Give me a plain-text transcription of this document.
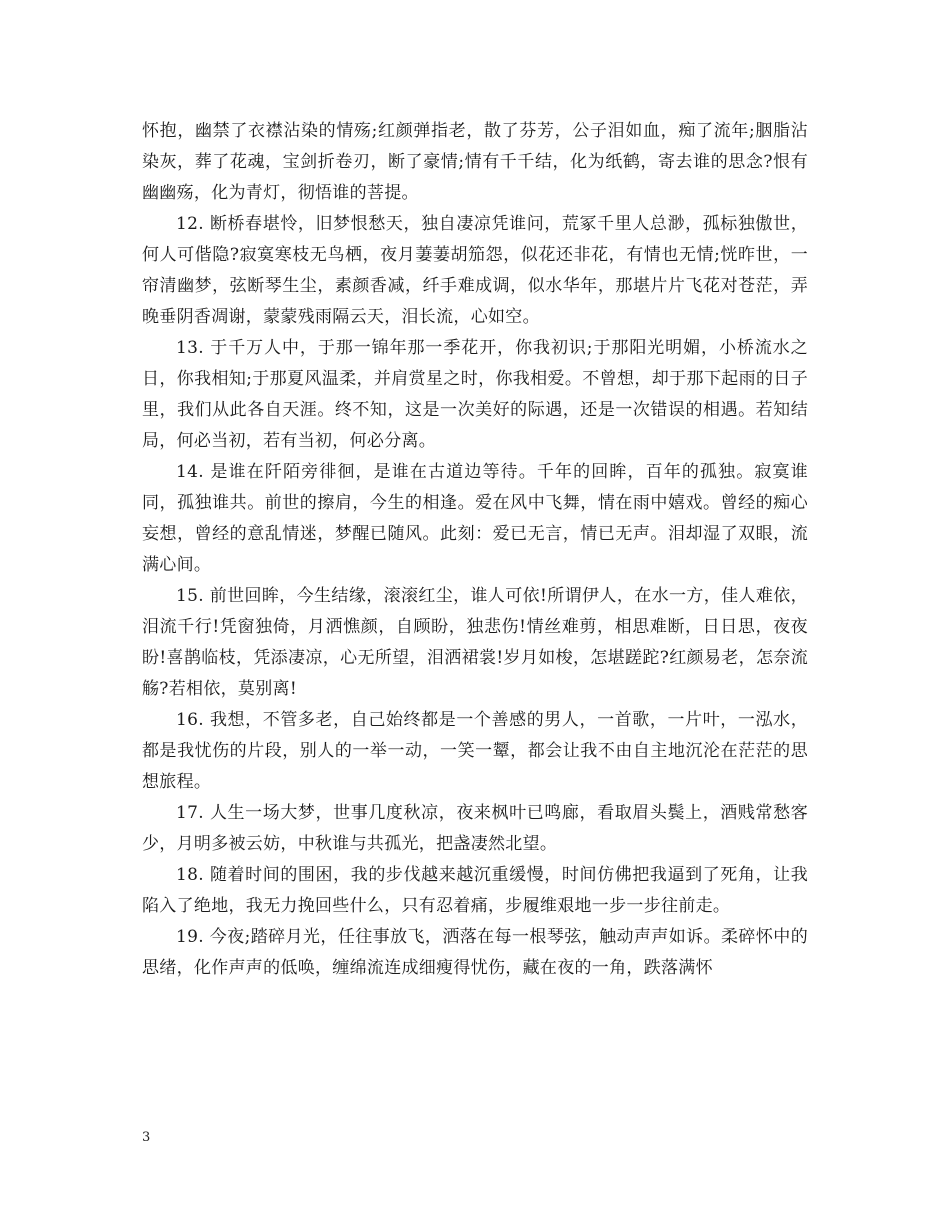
怀抱，幽禁了衣襟沾染的情殇;红颜弹指老，散了芬芳，公子泪如血，痴了流年;胭脂沾染灰，葬了花魂，宝剑折卷刃，断了豪情;情有千千结，化为纸鹤，寄去谁的思念?恨有幽幽殇，化为青灯，彻悟谁的菩提。

12. 断桥春堪怜，旧梦恨愁天，独自凄凉凭谁问，荒冢千里人总渺，孤标独傲世，何人可偕隐?寂寞寒枝无鸟栖，夜月萋萋胡笳怨，似花还非花，有情也无情;恍昨世，一帘清幽梦，弦断琴生尘，素颜香减，纤手难成调，似水华年，那堪片片飞花对苍茫，弄晚垂阴香凋谢，蒙蒙残雨隔云天，泪长流，心如空。

13. 于千万人中，于那一锦年那一季花开，你我初识;于那阳光明媚，小桥流水之日，你我相知;于那夏风温柔，并肩赏星之时，你我相爱。不曾想，却于那下起雨的日子里，我们从此各自天涯。终不知，这是一次美好的际遇，还是一次错误的相遇。若知结局，何必当初，若有当初，何必分离。

14. 是谁在阡陌旁徘徊，是谁在古道边等待。千年的回眸，百年的孤独。寂寞谁同，孤独谁共。前世的擦肩，今生的相逢。爱在风中飞舞，情在雨中嬉戏。曾经的痴心妄想，曾经的意乱情迷，梦醒已随风。此刻：爱已无言，情已无声。泪却湿了双眼，流满心间。

15. 前世回眸，今生结缘，滚滚红尘，谁人可依!所谓伊人，在水一方，佳人难依，泪流千行!凭窗独倚，月洒憔颜，自顾盼，独悲伤!情丝难剪，相思难断，日日思，夜夜盼!喜鹊临枝，凭添凄凉，心无所望，泪洒裙裳!岁月如梭，怎堪蹉跎?红颜易老，怎奈流觞?若相依，莫别离!

16. 我想，不管多老，自己始终都是一个善感的男人，一首歌，一片叶，一泓水，都是我忧伤的片段，别人的一举一动，一笑一颦，都会让我不由自主地沉沦在茫茫的思想旅程。

17. 人生一场大梦，世事几度秋凉，夜来枫叶已鸣廊，看取眉头鬓上，酒贱常愁客少，月明多被云妨，中秋谁与共孤光，把盏凄然北望。

18. 随着时间的围困，我的步伐越来越沉重缓慢，时间仿佛把我逼到了死角，让我陷入了绝地，我无力挽回些什么，只有忍着痛，步履维艰地一步一步往前走。

19. 今夜;踏碎月光，任往事放飞，洒落在每一根琴弦，触动声声如诉。柔碎怀中的思绪，化作声声的低唤，缠绵流连成细瘦得忧伤，藏在夜的一角，跌落满怀

3
